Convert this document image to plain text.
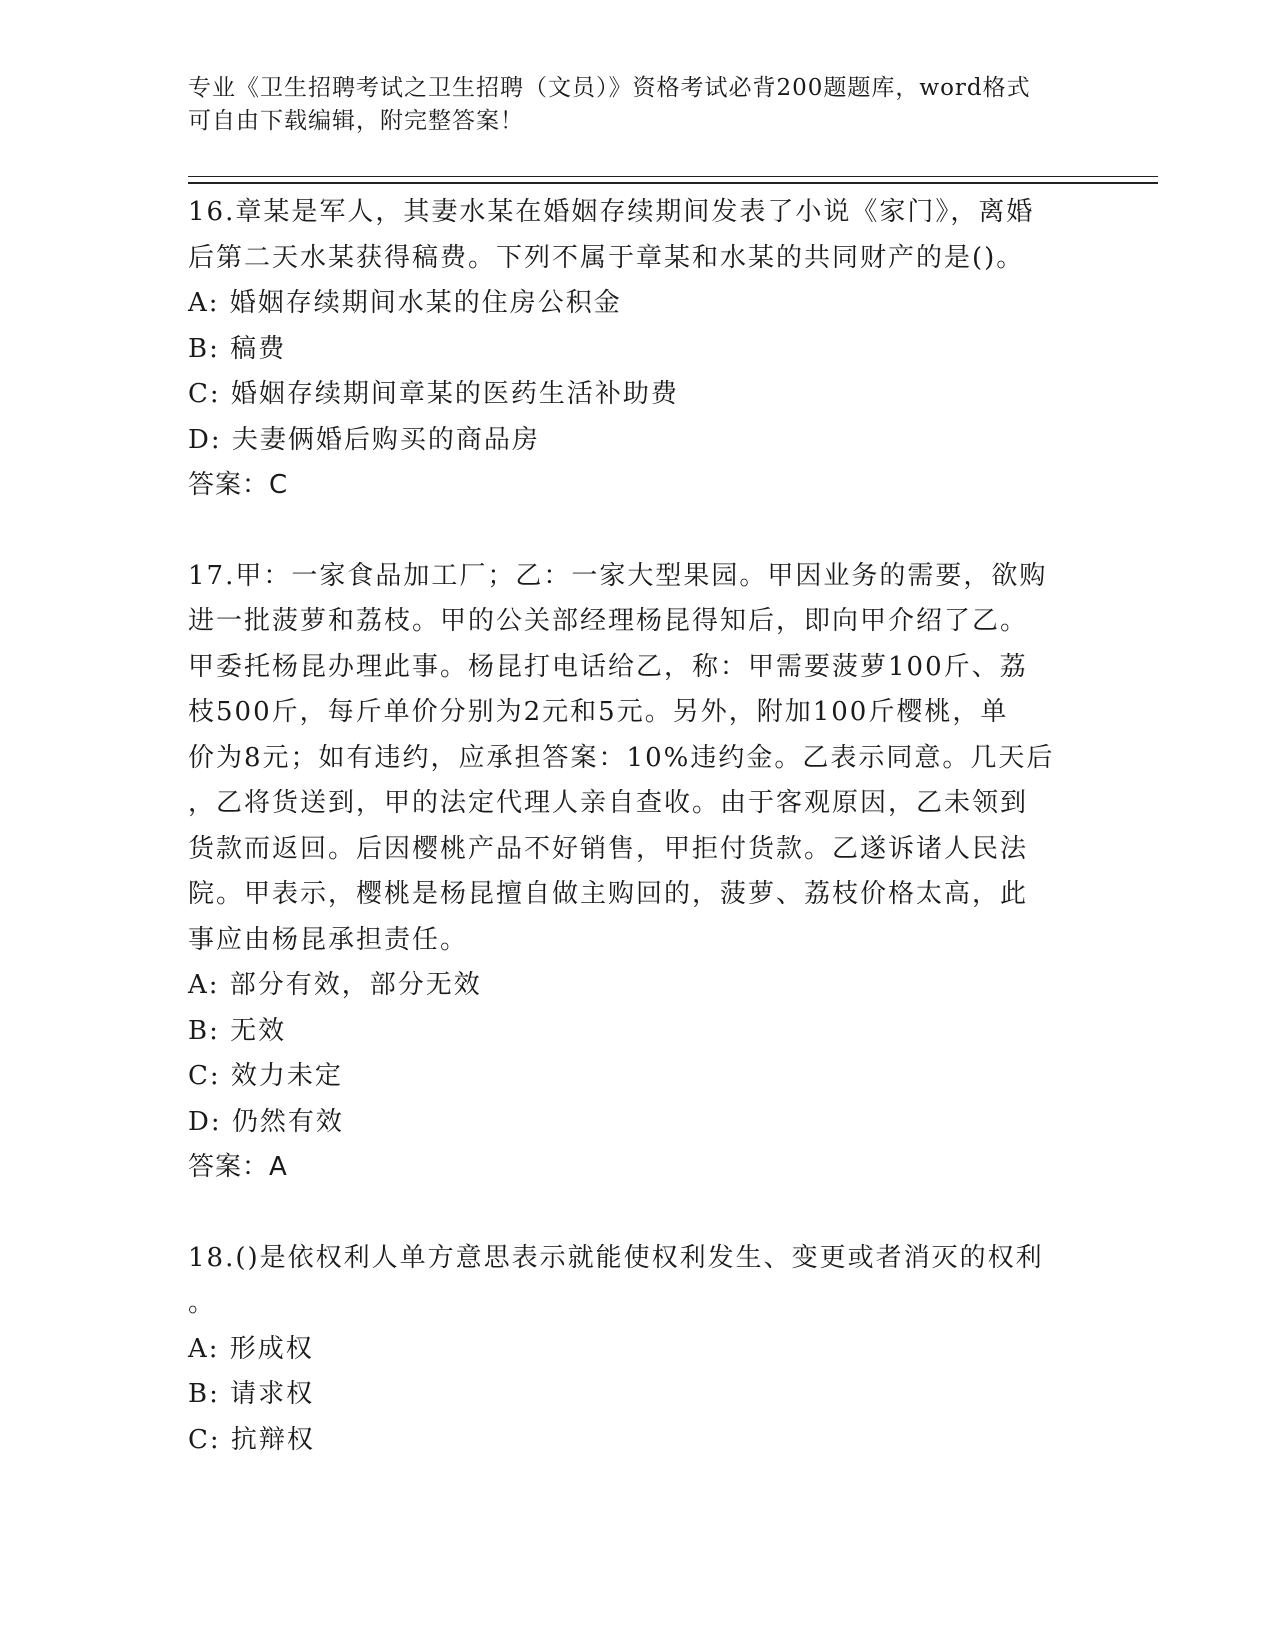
专业《卫生招聘考试之卫生招聘（文员）》资格考试必背200题题库，word格式
可自由下载编辑，附完整答案！

16.章某是军人，其妻水某在婚姻存续期间发表了小说《家门》，离婚

后第二天水某获得稿费。下列不属于章某和水某的共同财产的是()。

A: 婚姻存续期间水某的住房公积金

B: 稿费

C: 婚姻存续期间章某的医药生活补助费

D: 夫妻俩婚后购买的商品房

答案：C

17.甲：一家食品加工厂；乙：一家大型果园。甲因业务的需要，欲购

进一批菠萝和荔枝。甲的公关部经理杨昆得知后，即向甲介绍了乙。

甲委托杨昆办理此事。杨昆打电话给乙，称：甲需要菠萝100斤、荔

枝500斤，每斤单价分别为2元和5元。另外，附加100斤樱桃，单

价为8元；如有违约，应承担答案：10%违约金。乙表示同意。几天后

，乙将货送到，甲的法定代理人亲自查收。由于客观原因，乙未领到

货款而返回。后因樱桃产品不好销售，甲拒付货款。乙遂诉诸人民法

院。甲表示，樱桃是杨昆擅自做主购回的，菠萝、荔枝价格太高，此

事应由杨昆承担责任。

A: 部分有效，部分无效

B: 无效

C: 效力未定

D: 仍然有效

答案：A

18.()是依权利人单方意思表示就能使权利发生、变更或者消灭的权利

。

A: 形成权

B: 请求权

C: 抗辩权
